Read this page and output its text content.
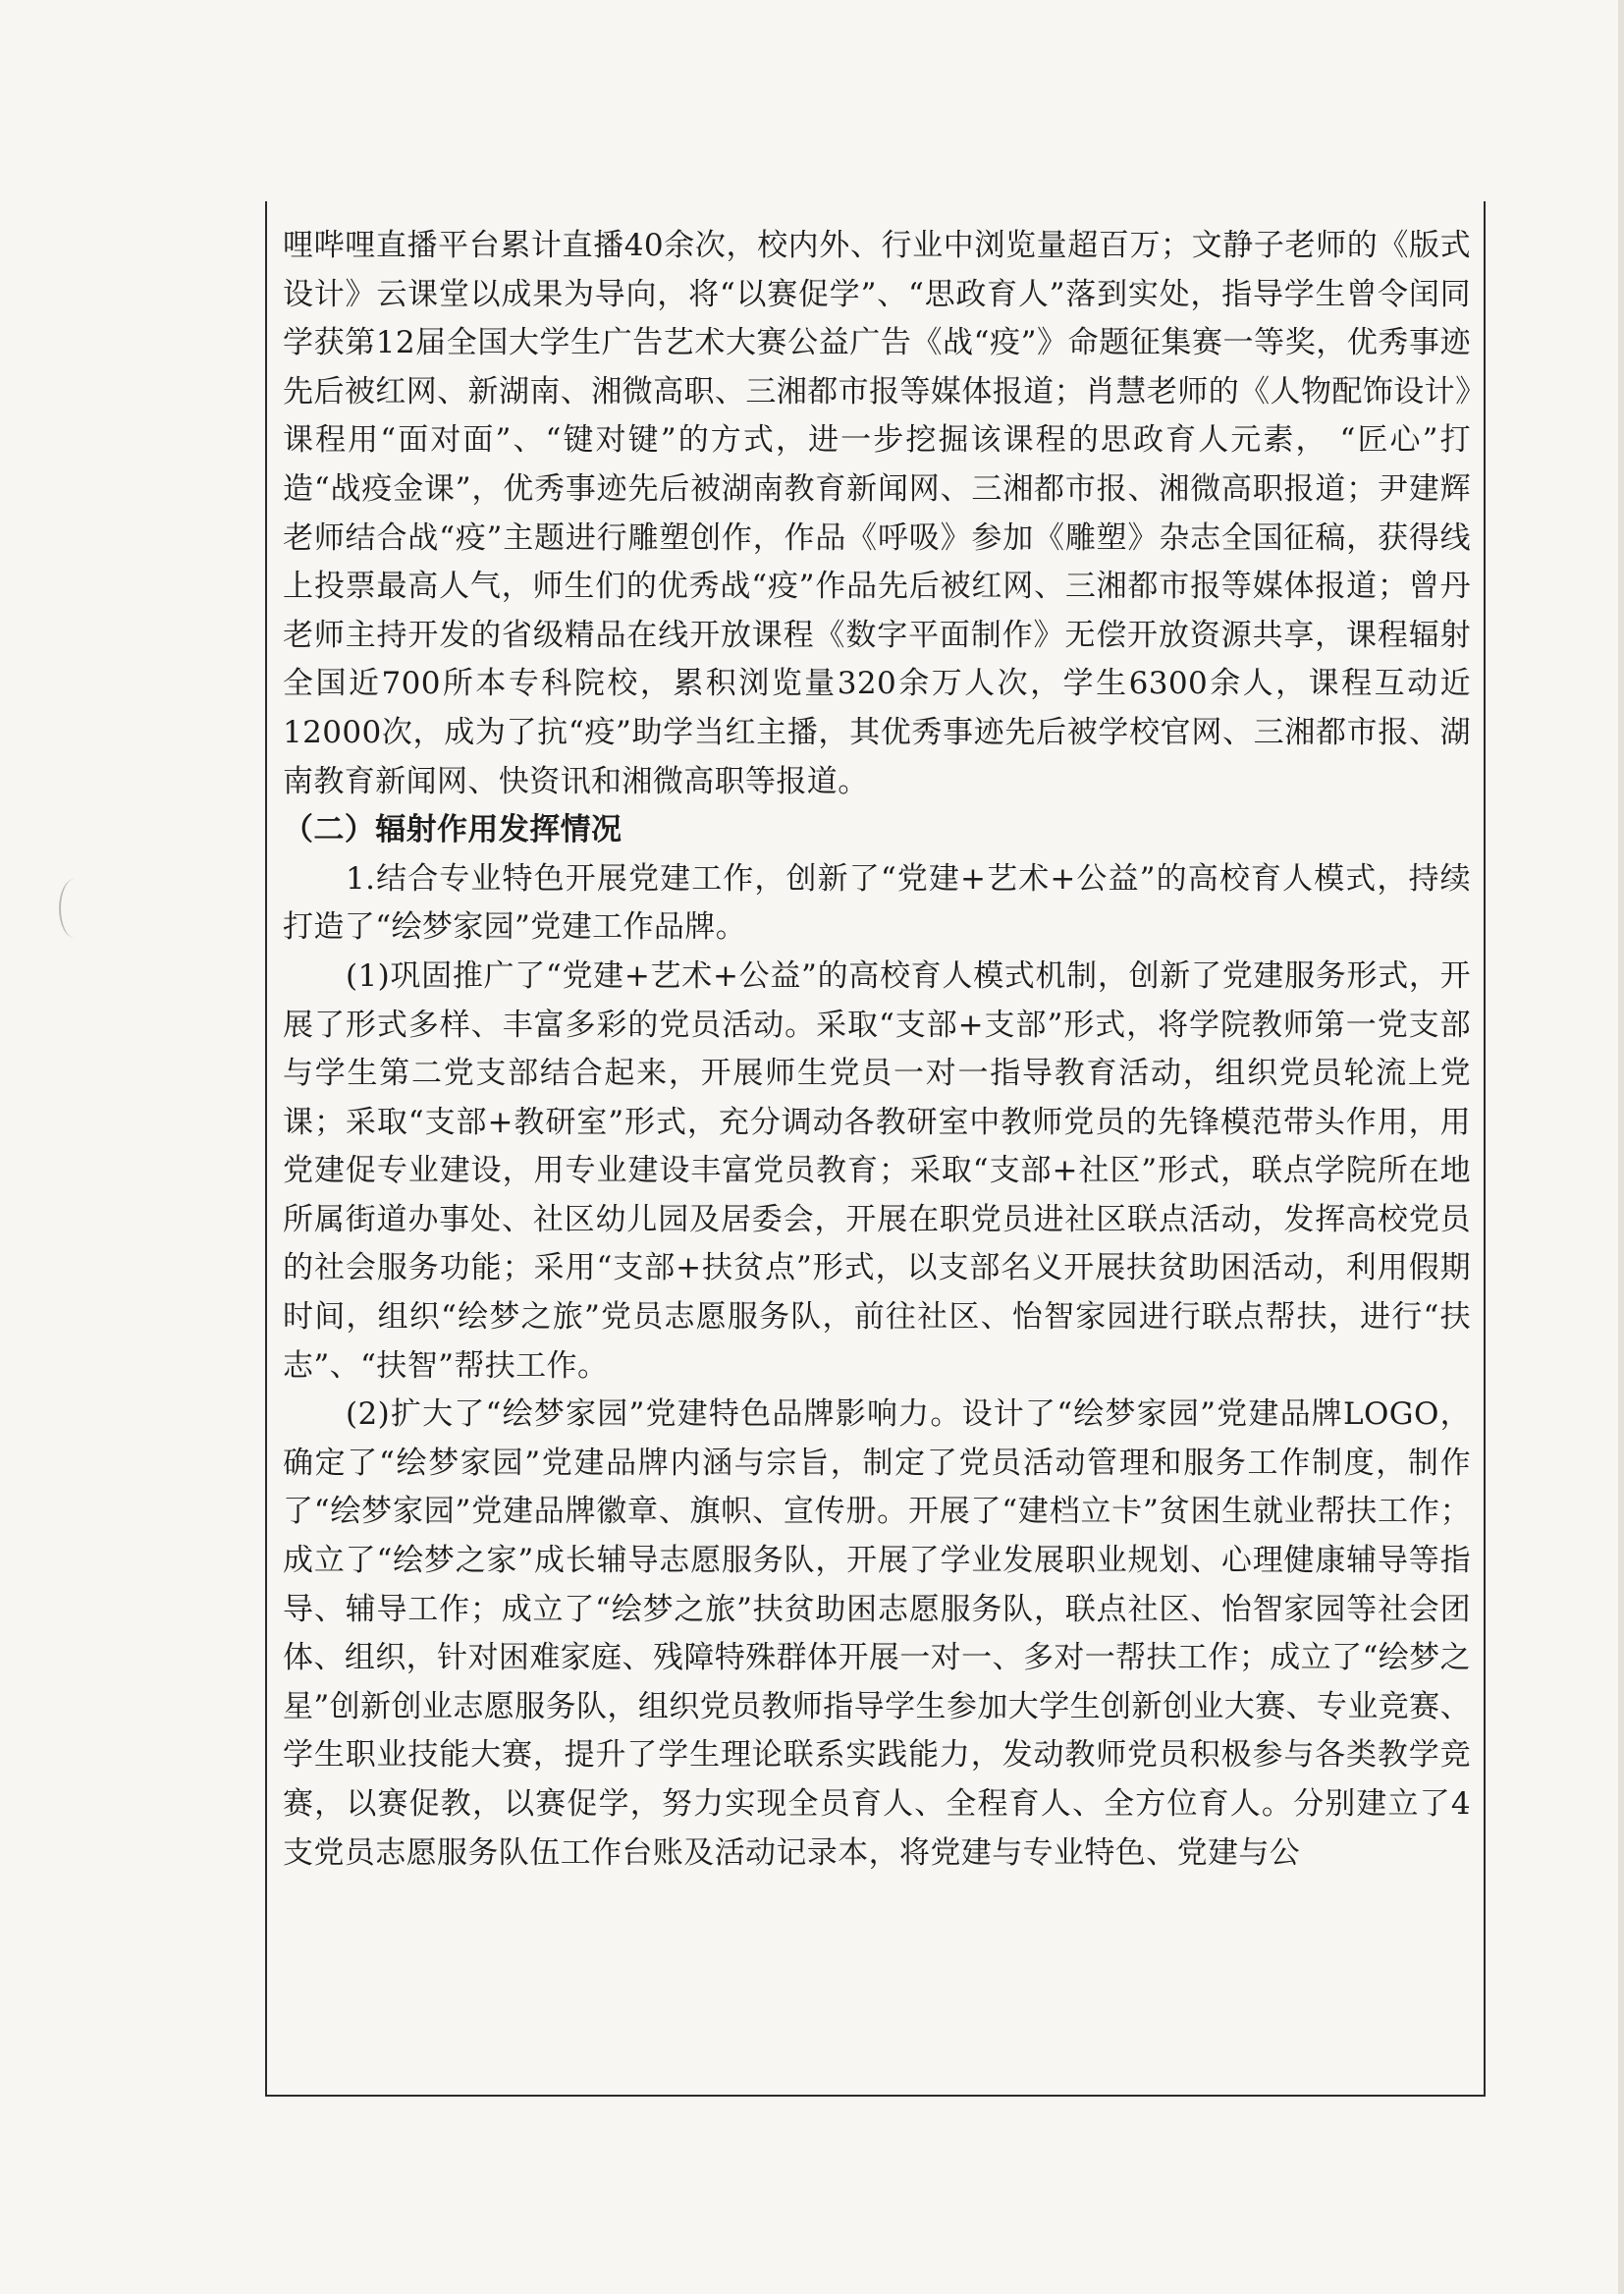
哩哔哩直播平台累计直播40余次，校内外、行业中浏览量超百万；文静子老师的《版式设计》云课堂以成果为导向，将“以赛促学”、“思政育人”落到实处，指导学生曾令闰同学获第12届全国大学生广告艺术大赛公益广告《战“疫”》命题征集赛一等奖，优秀事迹先后被红网、新湖南、湘微高职、三湘都市报等媒体报道；肖慧老师的《人物配饰设计》课程用“面对面”、“键对键”的方式，进一步挖掘该课程的思政育人元素， “匠心”打造“战疫金课”，优秀事迹先后被湖南教育新闻网、三湘都市报、湘微高职报道；尹建辉老师结合战“疫”主题进行雕塑创作，作品《呼吸》参加《雕塑》杂志全国征稿，获得线上投票最高人气，师生们的优秀战“疫”作品先后被红网、三湘都市报等媒体报道；曾丹老师主持开发的省级精品在线开放课程《数字平面制作》无偿开放资源共享，课程辐射全国近700所本专科院校，累积浏览量320余万人次，学生6300余人，课程互动近12000次，成为了抗“疫”助学当红主播，其优秀事迹先后被学校官网、三湘都市报、湖南教育新闻网、快资讯和湘微高职等报道。

（二）辐射作用发挥情况

1.结合专业特色开展党建工作，创新了“党建+艺术+公益”的高校育人模式，持续打造了“绘梦家园”党建工作品牌。

(1)巩固推广了“党建+艺术+公益”的高校育人模式机制，创新了党建服务形式，开展了形式多样、丰富多彩的党员活动。采取“支部+支部”形式，将学院教师第一党支部与学生第二党支部结合起来，开展师生党员一对一指导教育活动，组织党员轮流上党课；采取“支部+教研室”形式，充分调动各教研室中教师党员的先锋模范带头作用，用党建促专业建设，用专业建设丰富党员教育；采取“支部+社区”形式，联点学院所在地所属街道办事处、社区幼儿园及居委会，开展在职党员进社区联点活动，发挥高校党员的社会服务功能；采用“支部+扶贫点”形式，以支部名义开展扶贫助困活动，利用假期时间，组织“绘梦之旅”党员志愿服务队，前往社区、怡智家园进行联点帮扶，进行“扶志”、“扶智”帮扶工作。

(2)扩大了“绘梦家园”党建特色品牌影响力。设计了“绘梦家园”党建品牌LOGO，确定了“绘梦家园”党建品牌内涵与宗旨，制定了党员活动管理和服务工作制度，制作了“绘梦家园”党建品牌徽章、旗帜、宣传册。开展了“建档立卡”贫困生就业帮扶工作；成立了“绘梦之家”成长辅导志愿服务队，开展了学业发展职业规划、心理健康辅导等指导、辅导工作；成立了“绘梦之旅”扶贫助困志愿服务队，联点社区、怡智家园等社会团体、组织，针对困难家庭、残障特殊群体开展一对一、多对一帮扶工作；成立了“绘梦之星”创新创业志愿服务队，组织党员教师指导学生参加大学生创新创业大赛、专业竞赛、学生职业技能大赛，提升了学生理论联系实践能力，发动教师党员积极参与各类教学竞赛，以赛促教，以赛促学，努力实现全员育人、全程育人、全方位育人。分别建立了4支党员志愿服务队伍工作台账及活动记录本，将党建与专业特色、党建与公
